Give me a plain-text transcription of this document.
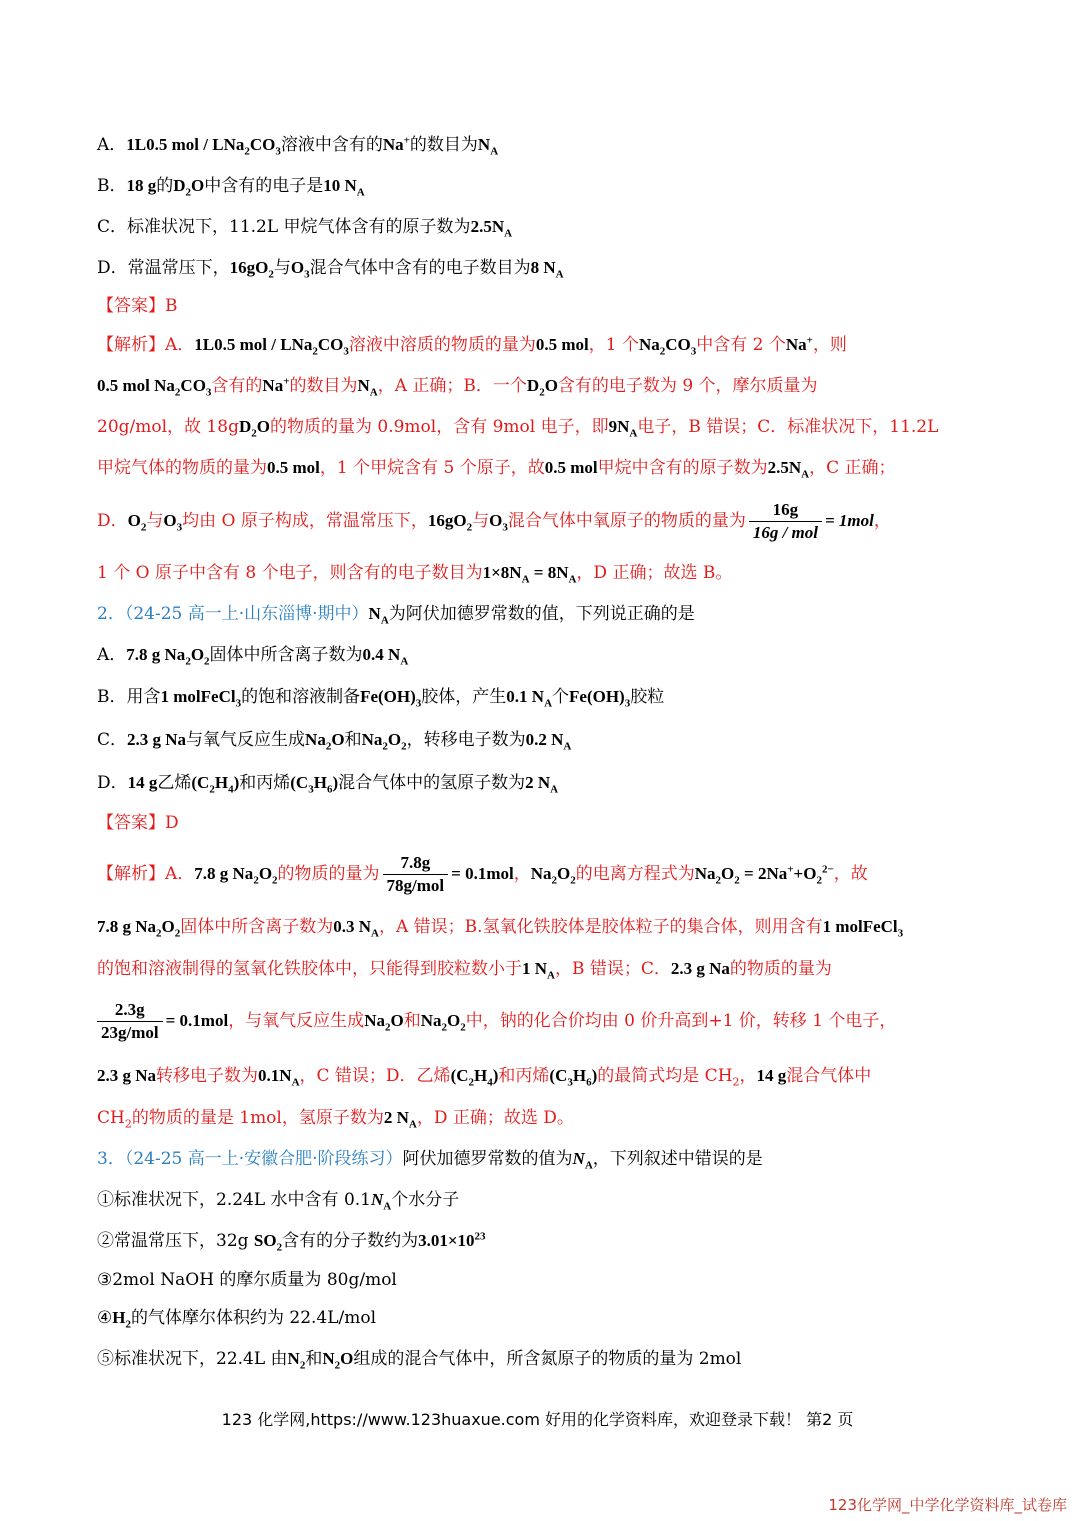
A．1L0.5 mol / $LNa_2CO_3$溶液中含有的Na+的数目为$N_A$
B．18 g的$D_2O$中含有的电子是10 $N_A$
C．标准状况下，11.2L 甲烷气体含有的原子数为$2.5N_A$
D．常温常压下，$16gO_2$与$O_3$混合气体中含有的电子数目为8 $N_A$
【答案】B
【解析】A．1L0.5 mol / $LNa_2CO_3$溶液中溶质的物质的量为0.5 mol，1 个$Na_2CO_3$中含有 2 个Na+，则
0.5 mol $Na_2CO_3$含有的Na+的数目为$N_A$，A 正确；B．一个$D_2O$含有的电子数为 9 个，摩尔质量为
20g/mol，故 $18gD_2O$的物质的量为 0.9mol，含有 9mol 电子，即$9N_A$电子，B 错误；C．标准状况下，11.2L
甲烷气体的物质的量为0.5 mol，1 个甲烷含有 5 个原子，故0.5 mol甲烷中含有的原子数为$2.5N_A$，C 正确；
D．$O_2$与$O_3$均由 O 原子构成，常温常压下，$16gO_2$与$O_3$混合气体中氧原子的物质的量为 $\frac{16g}{\text{16g / mol}} = 1mol$，
1 个 O 原子中含有 8 个电子，则含有的电子数目为$1\times 8N_A = 8N_A$，D 正确；故选 B。
2．（24-25 高一上·山东淄博·期中）$N_A$为阿伏加德罗常数的值，下列说正确的是
A．7.8 g $Na_2O_2$固体中所含离子数为0.4 $N_A$
B．用含1 molFeCl$_3$的饱和溶液制备$Fe(OH)_3$胶体，产生0.1 $N_A$个$Fe(OH)_3$胶粒
C．2.3 g Na与氧气反应生成$Na_2O$和$Na_2O_2$，转移电子数为0.2 $N_A$
D．14 g乙烯$(C_2H_4)$和丙烯$(C_3H_6)$混合气体中的氢原子数为2 $N_A$
【答案】D
【解析】A．7.8 g $Na_2O_2$的物质的量为 $\frac{7.8g}{\text{78g/mol}} = 0.1mol$，$Na_2O_2$的电离方程式为$Na_2O_2 = 2Na^++O_2^{2-}$，故
7.8 g $Na_2O_2$固体中所含离子数为0.3 $N_A$，A 错误；B.氢氧化铁胶体是胶体粒子的集合体，则用含有1 molFeCl$_3$
的饱和溶液制得的氢氧化铁胶体中，只能得到胶粒数小于1 $N_A$，B 错误；C．2.3 g Na的物质的量为
$\frac{2.3g}{\text{23g/mol}} = 0.1mol$，与氧气反应生成$Na_2O$和$Na_2O_2$中，钠的化合价均由 0 价升高到+1 价，转移 1 个电子，
2.3 g Na转移电子数为$0.1N_A$，C 错误；D．乙烯$(C_2H_4)$和丙烯$(C_3H_6)$的最简式均是 $CH_2$，14 g混合气体中
$CH_2$的物质的量是 1mol，氢原子数为2 $N_A$，D 正确；故选 D。
3．（24-25 高一上·安徽合肥·阶段练习）阿伏加德罗常数的值为$N_A$，下列叙述中错误的是
①标准状况下，2.24L 水中含有 $0.1N_A$个水分子
②常温常压下，32g $SO_2$含有的分子数约为$3.01\times 10^{23}$
③2mol NaOH 的摩尔质量为 80g/mol
$④H_2$的气体摩尔体积约为 22.4L/mol
⑤标准状况下，22.4L 由$N_2$和$N_2O$组成的混合气体中，所含氮原子的物质的量为 2mol
123 化学网,https://www.123huaxue.com 好用的化学资料库，欢迎登录下载！ 第2 页
123化学网_中学化学资料库_试卷库
